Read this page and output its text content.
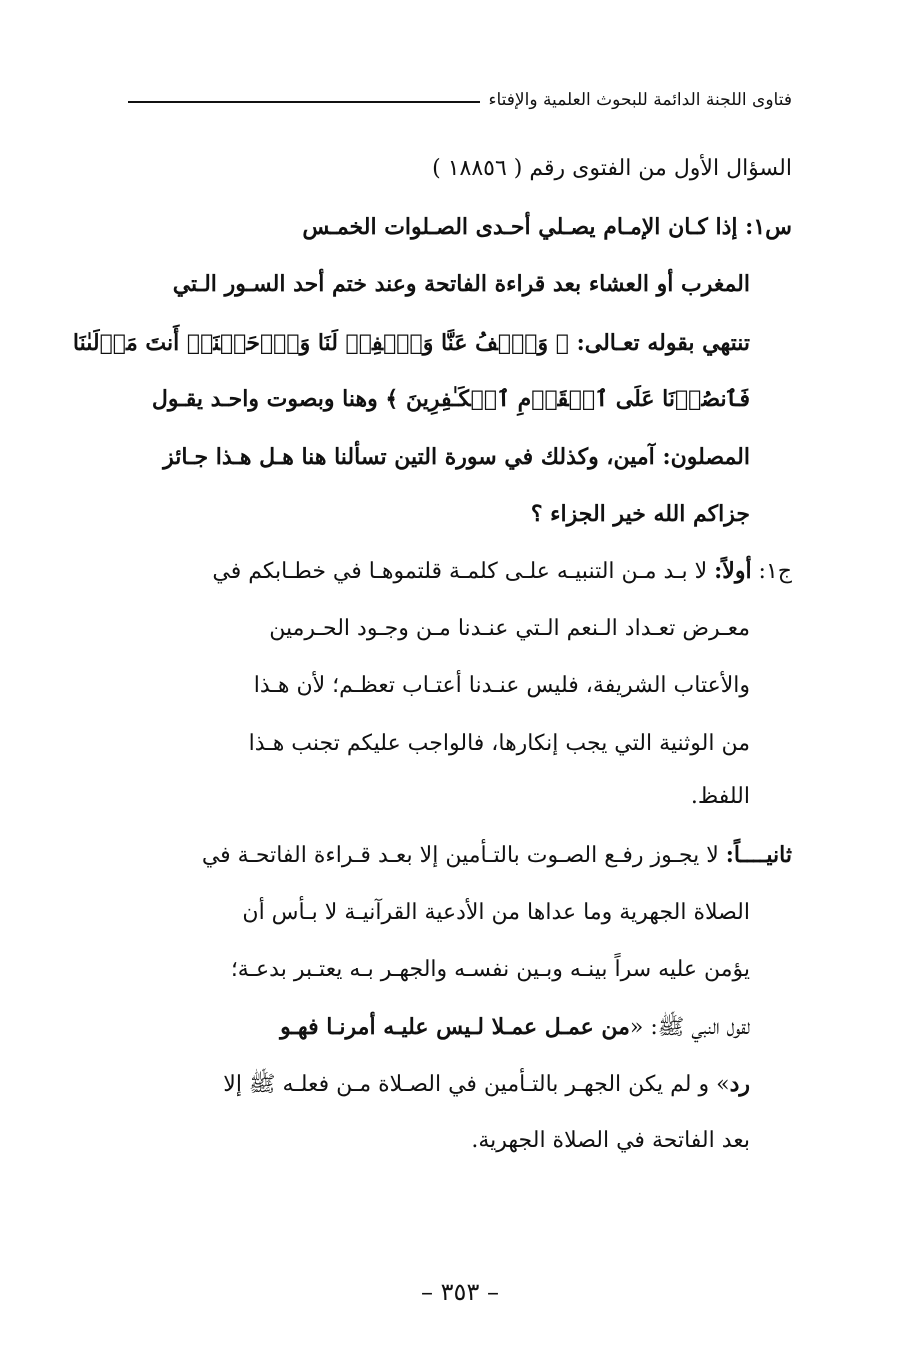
فتاوى اللجنة الدائمة للبحوث العلمية والإفتاء
السؤال الأول من الفتوى رقم ( ١٨٨٥٦ )
س١: إذا كـان الإمـام يصـلي أحـدى الصـلوات الخمـس
المغرب أو العشاء بعد قراءة الفاتحة وعند ختم أحد السـور الـتي
تنتهي بقوله تعـالى: ﴿ وَٱعۡفُ عَنَّا وَٱغۡفِرۡ لَنَا وَٱرۡحَمۡنَآۚ أَنتَ مَوۡلَىٰنَا
فَٱنصُرۡنَا عَلَى ٱلۡقَوۡمِ ٱلۡكَـٰفِرِينَ ﴾ وهنا وبصوت واحـد يقـول
المصلون: آمين، وكذلك في سورة التين تسألنا هنا هـل هـذا جـائز
جزاكم الله خير الجزاء ؟
ج١: أولاً: لا بـد مـن التنبيـه علـى كلمـة قلتموهـا في خطـابكم في
معـرض تعـداد الـنعم الـتي عنـدنا مـن وجـود الحـرمين
والأعتاب الشريفة، فليس عنـدنا أعتـاب تعظـم؛ لأن هـذا
من الوثنية التي يجب إنكارها، فالواجب عليكم تجنب هـذا
اللفظ.
ثانيــــاً: لا يجـوز رفـع الصـوت بالتـأمين إلا بعـد قـراءة الفاتحـة في
الصلاة الجهرية وما عداها من الأدعية القرآنيـة لا بـأس أن
يؤمن عليه سراً بينـه وبـين نفسـه والجهـر بـه يعتـبر بدعـة؛
لقول النبي ﷺ: «من عمـل عمـلا لـيس عليـه أمرنـا فهـو
رد» و لم يكن الجهـر بالتـأمين في الصـلاة مـن فعلـه ﷺ إلا
بعد الفاتحة في الصلاة الجهرية.
– ٣٥٣ –
